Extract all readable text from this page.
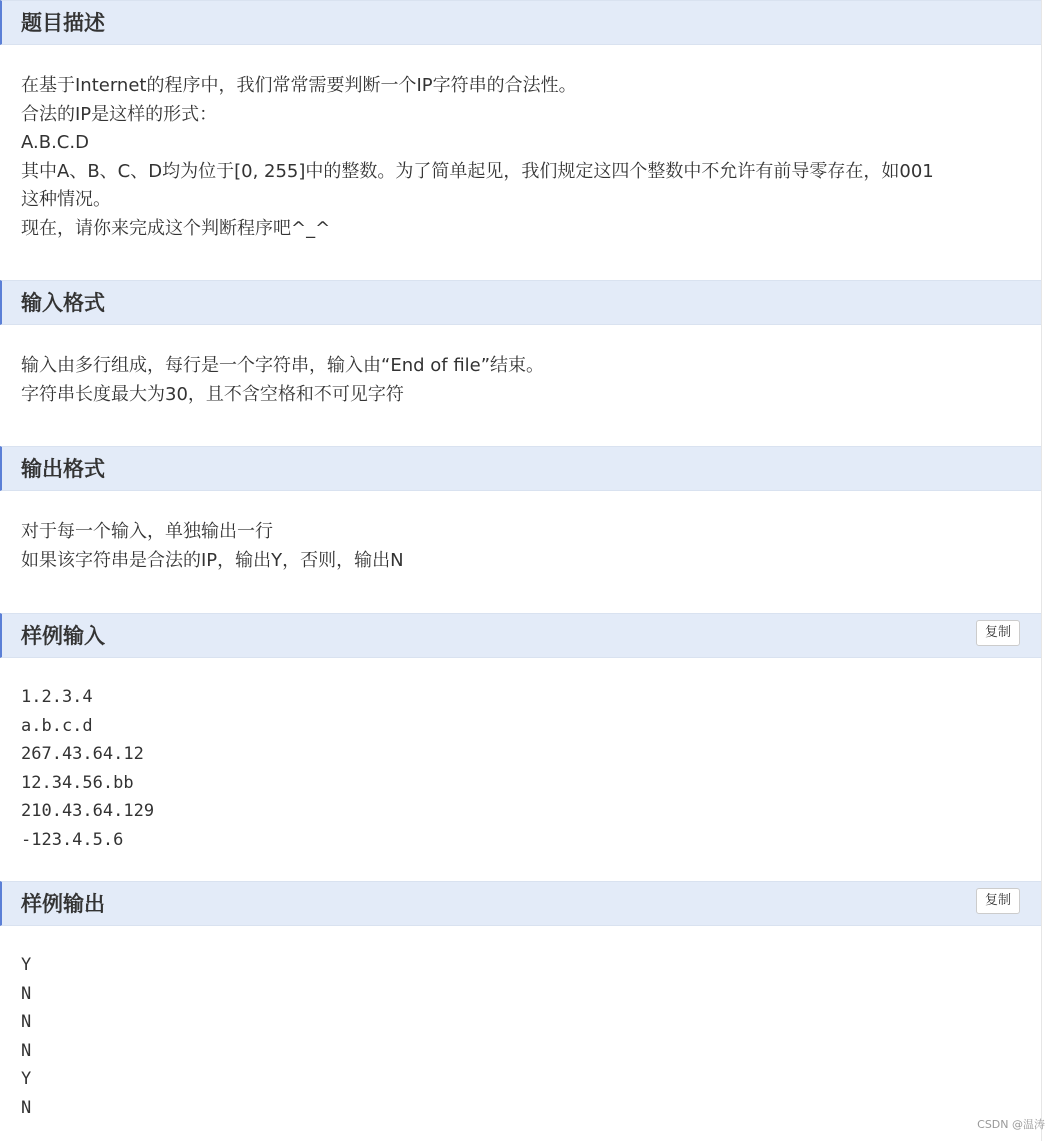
题目描述
在基于Internet的程序中，我们常常需要判断一个IP字符串的合法性。
合法的IP是这样的形式：
A.B.C.D
其中A、B、C、D均为位于[0, 255]中的整数。为了简单起见，我们规定这四个整数中不允许有前导零存在，如001
这种情况。
现在，请你来完成这个判断程序吧^_^
输入格式
输入由多行组成，每行是一个字符串，输入由“End of file”结束。
字符串长度最大为30，且不含空格和不可见字符
输出格式
对于每一个输入，单独输出一行
如果该字符串是合法的IP，输出Y，否则，输出N
样例输入	复制
1.2.3.4
a.b.c.d
267.43.64.12
12.34.56.bb
210.43.64.129
-123.4.5.6
样例输出	复制
Y
N
N
N
Y
N
CSDN @温涛
